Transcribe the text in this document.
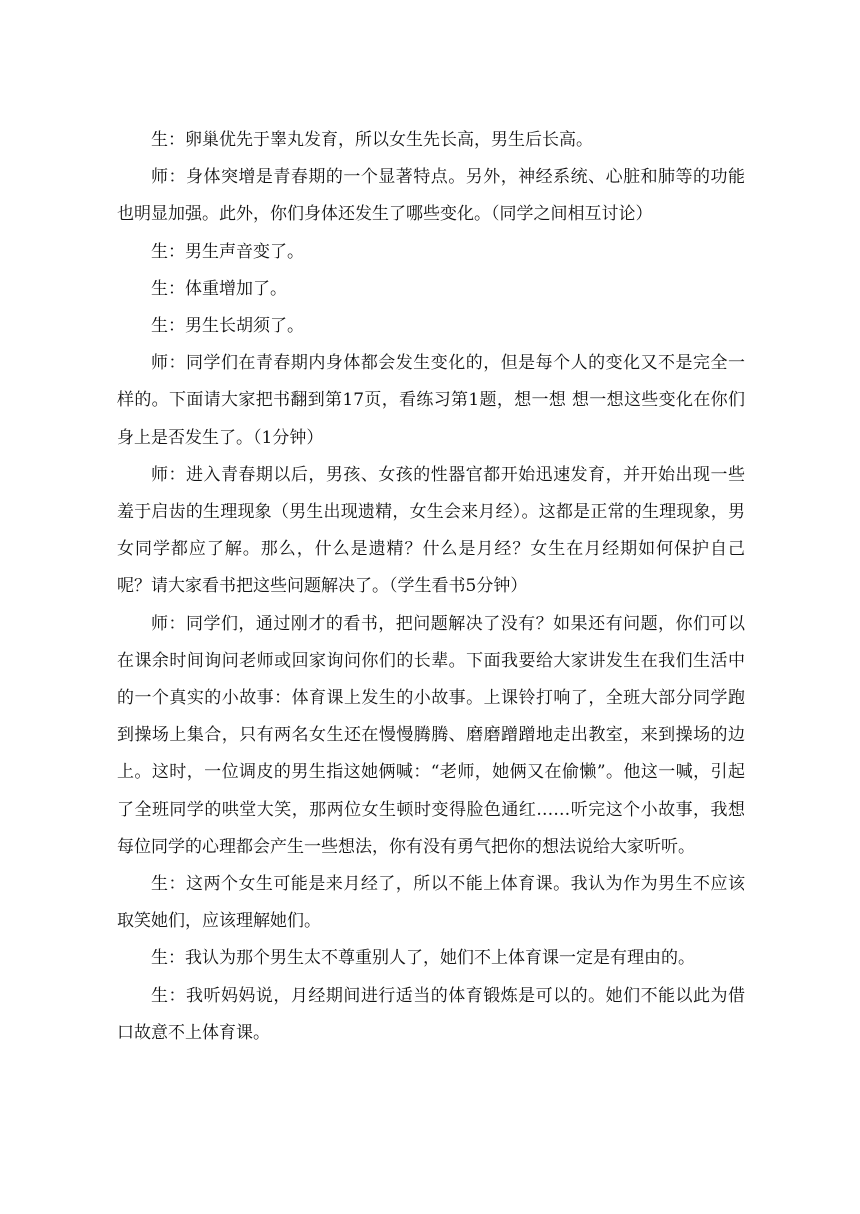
生：卵巢优先于睾丸发育，所以女生先长高，男生后长高。

师：身体突增是青春期的一个显著特点。另外，神经系统、心脏和肺等的功能也明显加强。此外，你们身体还发生了哪些变化。（同学之间相互讨论）

生：男生声音变了。

生：体重增加了。

生：男生长胡须了。

师：同学们在青春期内身体都会发生变化的，但是每个人的变化又不是完全一样的。下面请大家把书翻到第17页，看练习第1题，想一想 想一想这些变化在你们身上是否发生了。（1分钟）

师：进入青春期以后，男孩、女孩的性器官都开始迅速发育，并开始出现一些羞于启齿的生理现象（男生出现遗精，女生会来月经）。这都是正常的生理现象，男女同学都应了解。那么，什么是遗精？什么是月经？女生在月经期如何保护自己呢？请大家看书把这些问题解决了。（学生看书5分钟）

师：同学们，通过刚才的看书，把问题解决了没有？如果还有问题，你们可以在课余时间询问老师或回家询问你们的长辈。下面我要给大家讲发生在我们生活中的一个真实的小故事：体育课上发生的小故事。上课铃打响了，全班大部分同学跑到操场上集合，只有两名女生还在慢慢腾腾、磨磨蹭蹭地走出教室，来到操场的边上。这时，一位调皮的男生指这她俩喊：“老师，她俩又在偷懒”。他这一喊，引起了全班同学的哄堂大笑，那两位女生顿时变得脸色通红……听完这个小故事，我想每位同学的心理都会产生一些想法，你有没有勇气把你的想法说给大家听听。

生：这两个女生可能是来月经了，所以不能上体育课。我认为作为男生不应该取笑她们，应该理解她们。

生：我认为那个男生太不尊重别人了，她们不上体育课一定是有理由的。

生：我听妈妈说，月经期间进行适当的体育锻炼是可以的。她们不能以此为借口故意不上体育课。
